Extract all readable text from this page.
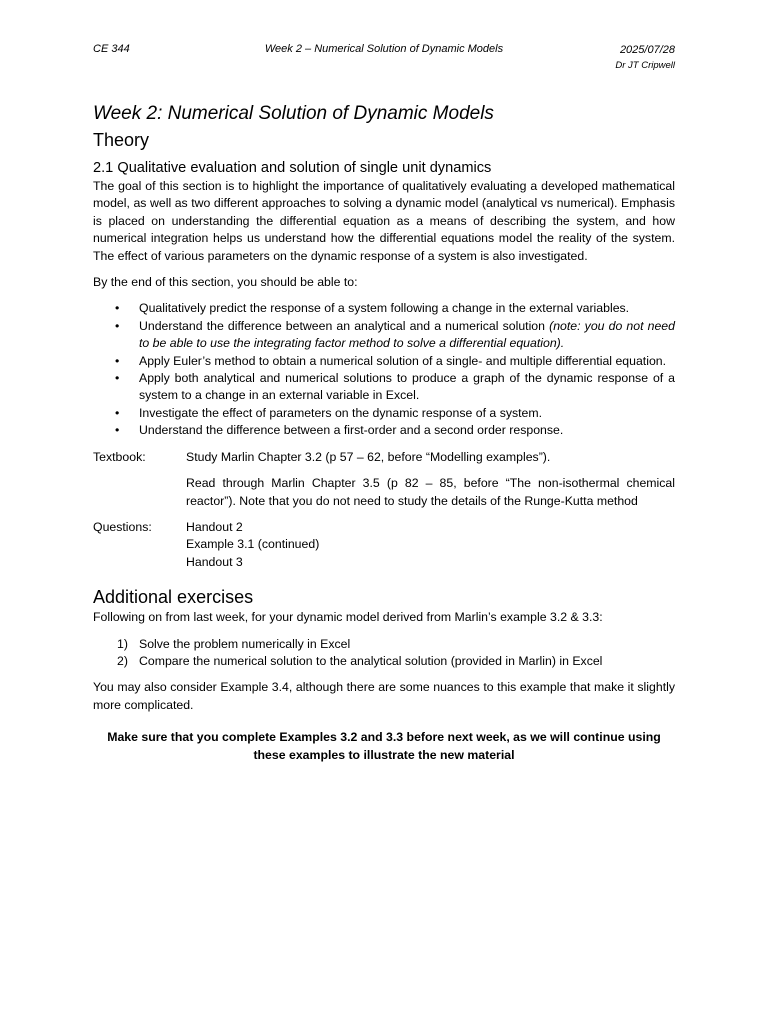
CE 344	Week 2 – Numerical Solution of Dynamic Models	2025/07/28
Dr JT Cripwell
Week 2: Numerical Solution of Dynamic Models
Theory
2.1 Qualitative evaluation and solution of single unit dynamics

The goal of this section is to highlight the importance of qualitatively evaluating a developed mathematical model, as well as two different approaches to solving a dynamic model (analytical vs numerical). Emphasis is placed on understanding the differential equation as a means of describing the system, and how numerical integration helps us understand how the differential equations model the reality of the system. The effect of various parameters on the dynamic response of a system is also investigated.

By the end of this section, you should be able to:

• Qualitatively predict the response of a system following a change in the external variables.
• Understand the difference between an analytical and a numerical solution (note: you do not need to be able to use the integrating factor method to solve a differential equation).
• Apply Euler’s method to obtain a numerical solution of a single- and multiple differential equation.
• Apply both analytical and numerical solutions to produce a graph of the dynamic response of a system to a change in an external variable in Excel.
• Investigate the effect of parameters on the dynamic response of a system.
• Understand the difference between a first-order and a second order response.
Textbook:	Study Marlin Chapter 3.2 (p 57 – 62, before “Modelling examples”).
Read through Marlin Chapter 3.5 (p 82 – 85, before “The non-isothermal chemical reactor”). Note that you do not need to study the details of the Runge-Kutta method
Questions:	Handout 2
Example 3.1 (continued)
Handout 3
Additional exercises

Following on from last week, for your dynamic model derived from Marlin’s example 3.2 & 3.3:

1) Solve the problem numerically in Excel
2) Compare the numerical solution to the analytical solution (provided in Marlin) in Excel

You may also consider Example 3.4, although there are some nuances to this example that make it slightly more complicated.

Make sure that you complete Examples 3.2 and 3.3 before next week, as we will continue using these examples to illustrate the new material
